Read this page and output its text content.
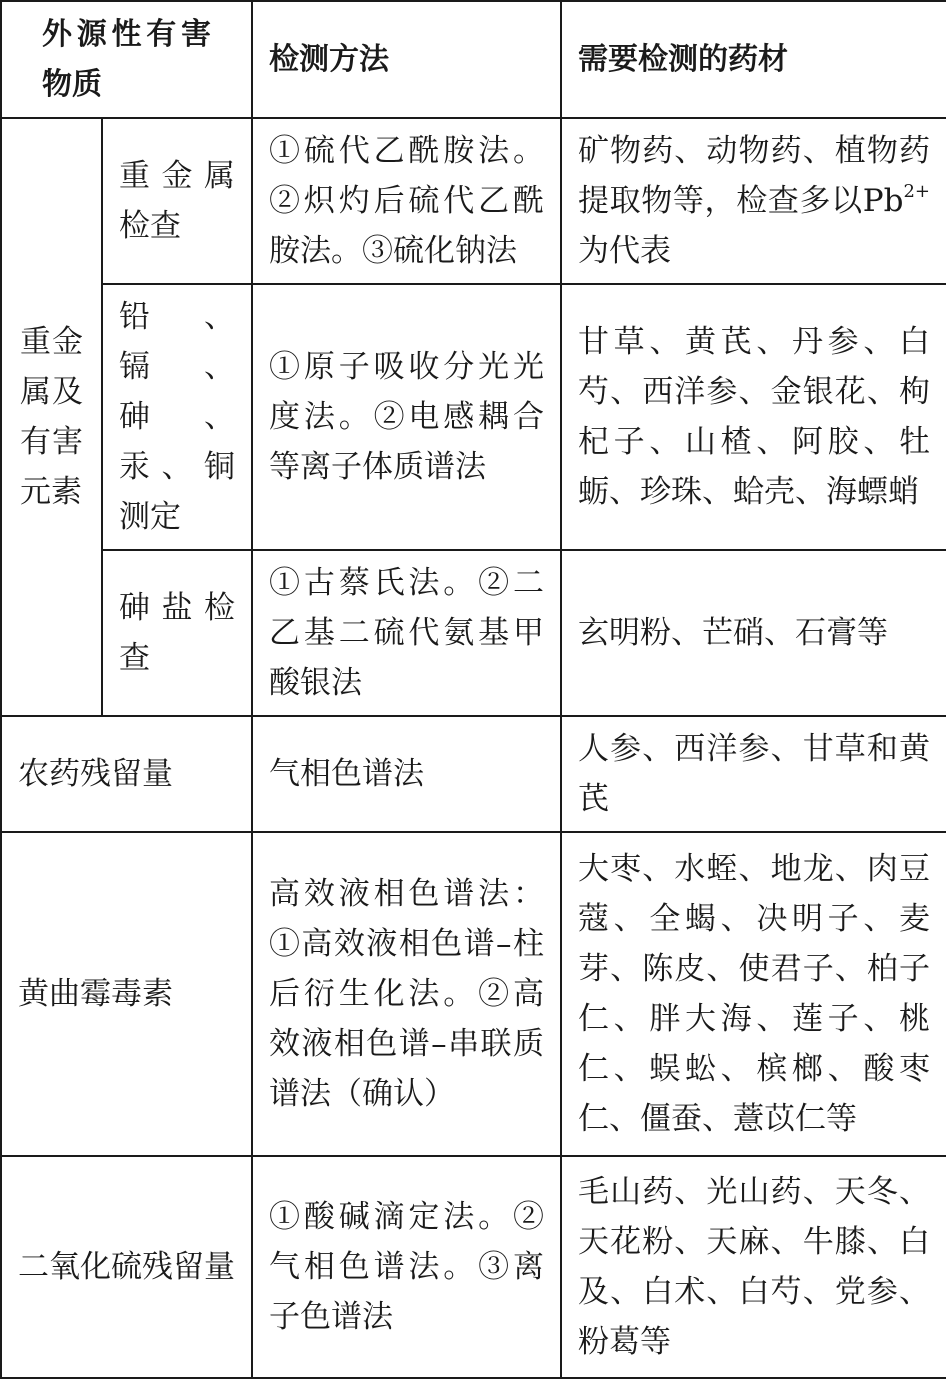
外源性有害物质		检测方法	需要检测的药材
重金属及有害元素	重金属检查	①硫代乙酰胺法。②炽灼后硫代乙酰胺法。③硫化钠法	矿物药、动物药、植物药提取物等，检查多以$Pb^{2+}$ 为代表
	铅、镉、砷、汞、铜测定	①原子吸收分光光度法。②电感耦合等离子体质谱法	甘草、黄芪、丹参、白芍、西洋参、金银花、枸杞子、山楂、阿胶、牡蛎、珍珠、蛤壳、海螵蛸
	砷盐检查	①古蔡氏法。②二乙基二硫代氨基甲酸银法	玄明粉、芒硝、石膏等
农药残留量		气相色谱法	人参、西洋参、甘草和黄芪
黄曲霉毒素		高效液相色谱法：①高效液相色谱–柱后衍生化法。②高效液相色谱–串联质谱法（确认）	大枣、水蛭、地龙、肉豆蔻、全蝎、决明子、麦芽、陈皮、使君子、柏子仁、胖大海、莲子、桃仁、蜈蚣、槟榔、酸枣仁、僵蚕、薏苡仁等
二氧化硫残留量		①酸碱滴定法。②气相色谱法。③离子色谱法	毛山药、光山药、天冬、天花粉、天麻、牛膝、白及、白术、白芍、党参、粉葛等
